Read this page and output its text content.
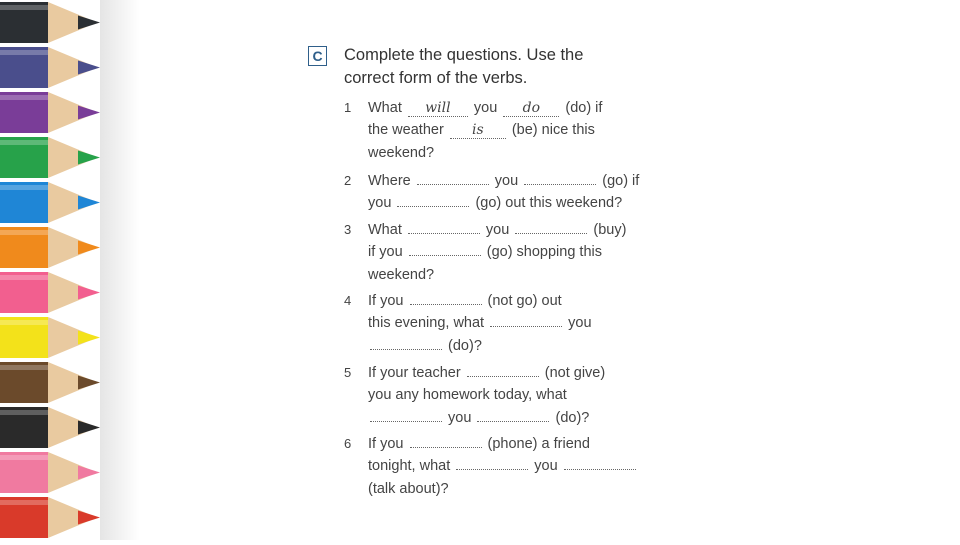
C Complete the questions. Use the
correct form of the verbs.
1 What will you do (do) if
the weather is (be) nice this
weekend?
2 Where	you	(go) if
you	(go) out this weekend?
3 What	you	(buy)
if you	(go) shopping this
weekend?
4 If you	(not go) out
this evening, what	you
(do)?
5 If your teacher	(not give)
you any homework today, what
you	(do)?
6 If you	(phone) a friend
tonight, what	you
(talk about)?
